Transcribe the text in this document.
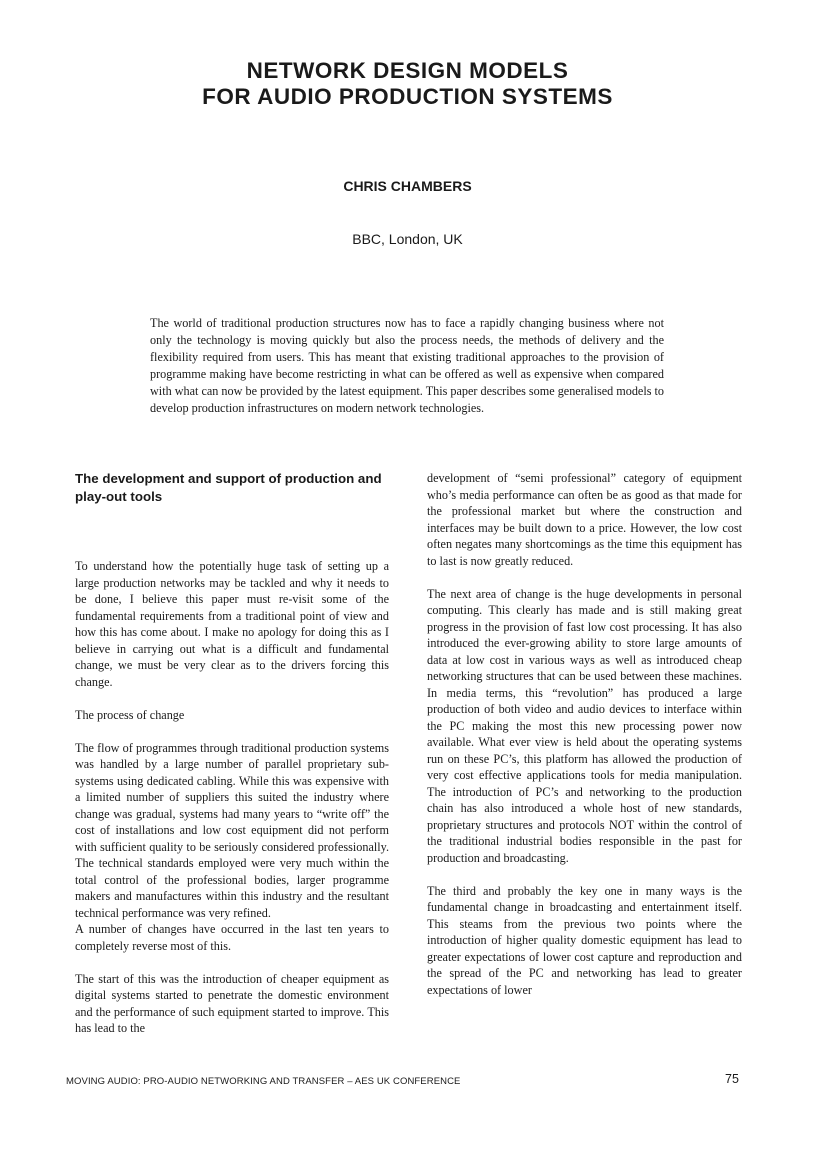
NETWORK DESIGN MODELS
FOR AUDIO PRODUCTION SYSTEMS
CHRIS CHAMBERS
BBC, London, UK

The world of traditional production structures now has to face a rapidly changing business where not only the technology is moving quickly but also the process needs, the methods of delivery and the flexibility required from users. This has meant that existing traditional approaches to the provision of programme making have become restricting in what can be offered as well as expensive when compared with what can now be provided by the latest equipment. This paper describes some generalised models to develop production infrastructures on modern network technologies.

The development and support of production and play-out tools

To understand how the potentially huge task of setting up a large production networks may be tackled and why it needs to be done, I believe this paper must re-visit some of the fundamental requirements from a traditional point of view and how this has come about. I make no apology for doing this as I believe in carrying out what is a difficult and fundamental change, we must be very clear as to the drivers forcing this change.

The process of change

The flow of programmes through traditional production systems was handled by a large number of parallel proprietary sub-systems using dedicated cabling. While this was expensive with a limited number of suppliers this suited the industry where change was gradual, systems had many years to “write off” the cost of installations and low cost equipment did not perform with sufficient quality to be seriously considered professionally. The technical standards employed were very much within the total control of the professional bodies, larger programme makers and manufactures within this industry and the resultant technical performance was very refined.

A number of changes have occurred in the last ten years to completely reverse most of this.

The start of this was the introduction of cheaper equipment as digital systems started to penetrate the domestic environment and the performance of such equipment started to improve. This has lead to the

development of “semi professional” category of equipment who’s media performance can often be as good as that made for the professional market but where the construction and interfaces may be built down to a price. However, the low cost often negates many shortcomings as the time this equipment has to last is now greatly reduced.

The next area of change is the huge developments in personal computing. This clearly has made and is still making great progress in the provision of fast low cost processing. It has also introduced the ever-growing ability to store large amounts of data at low cost in various ways as well as introduced cheap networking structures that can be used between these machines. In media terms, this “revolution” has produced a large production of both video and audio devices to interface within the PC making the most this new processing power now available. What ever view is held about the operating systems run on these PC’s, this platform has allowed the production of very cost effective applications tools for media manipulation. The introduction of PC’s and networking to the production chain has also introduced a whole host of new standards, proprietary structures and protocols NOT within the control of the traditional industrial bodies responsible in the past for production and broadcasting.

The third and probably the key one in many ways is the fundamental change in broadcasting and entertainment itself. This steams from the previous two points where the introduction of higher quality domestic equipment has lead to greater expectations of lower cost capture and reproduction and the spread of the PC and networking has lead to greater expectations of lower

MOVING AUDIO: PRO-AUDIO NETWORKING AND TRANSFER – AES UK CONFERENCE	75
